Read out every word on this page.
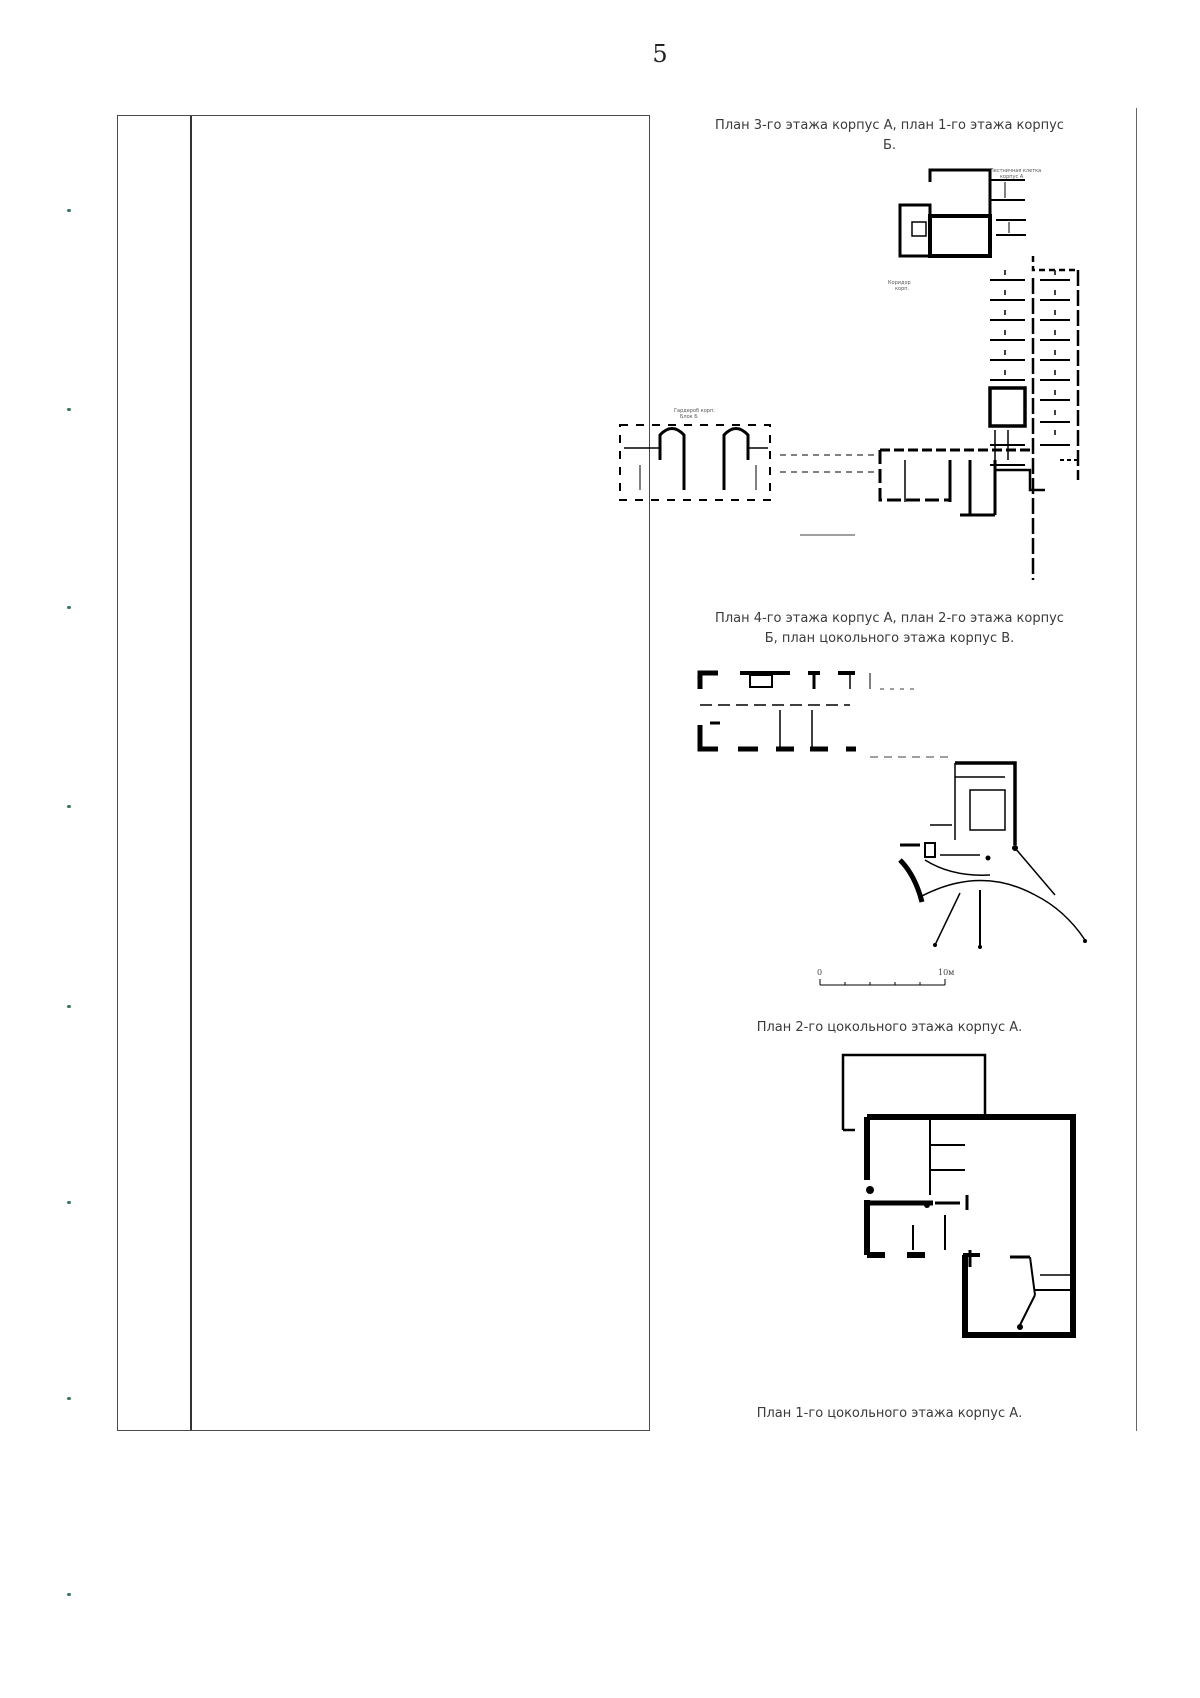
5
План 3-го этажа корпус А, план 1-го этажа корпус Б.
Лестничная клетка
корпус А
Коридор
корп.
Гардероб корп.
Блок Б
План 4-го этажа корпус А, план 2-го этажа корпус Б, план цокольного этажа корпус В.
0	10м
План 2-го цокольного этажа корпус А.
План 1-го цокольного этажа корпус А.
